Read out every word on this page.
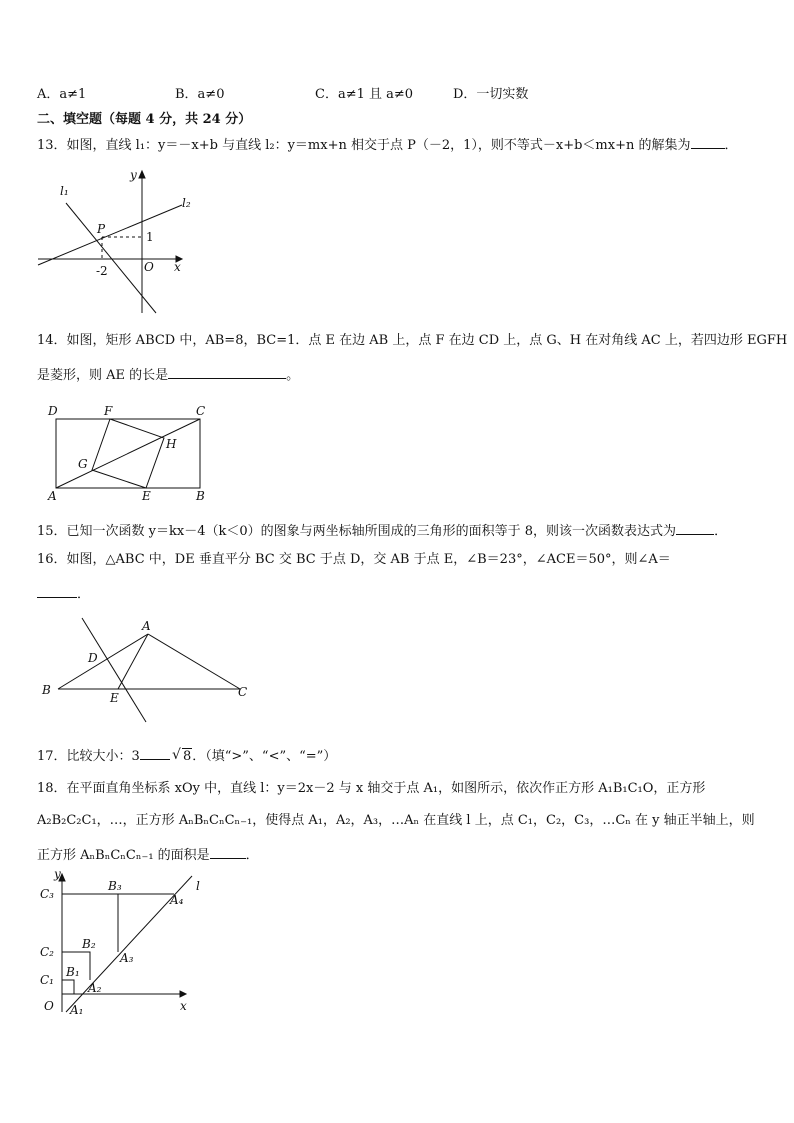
A．a≠1	B．a≠0	C．a≠1 且 a≠0	D．一切实数
二、填空题（每题 4 分，共 24 分）
13．如图，直线 l₁：y＝－x+b 与直线 l₂：y＝mx+n 相交于点 P（－2，1），则不等式－x+b＜mx+n 的解集为	．
l₁
l₂
y
x
P
1
-2	O
14．如图，矩形 ABCD 中，AB=8，BC=1．点 E 在边 AB 上，点 F 在边 CD 上，点 G、H 在对角线 AC 上，若四边形 EGFH
是菱形，则 AE 的长是	。
D	F	C
H
G
A	E	B
15．已知一次函数 y＝kx－4（k＜0）的图象与两坐标轴所围成的三角形的面积等于 8，则该一次函数表达式为	．
16．如图，△ABC 中，DE 垂直平分 BC 交 BC 于点 D，交 AB 于点 E，∠B＝23°，∠ACE＝50°，则∠A＝
．
A
D
B
E	C
17．比较大小：3 √	8．（填“>”、“<”、“=”）
18．在平面直角坐标系 xOy 中，直线 l：y＝2x－2 与 x 轴交于点 A₁，如图所示，依次作正方形 A₁B₁C₁O，正方形
A₂B₂C₂C₁，…，正方形 AₙBₙCₙCₙ₋₁，使得点 A₁，A₂，A₃，…Aₙ 在直线 l 上，点 C₁，C₂，C₃，…Cₙ 在 y 轴正半轴上，则
正方形 AₙBₙCₙCₙ₋₁ 的面积是	．
y
l
C₃
B₃
A₄
C₂
B₂
A₃
C₁
B₁
A₂
O A₁	x
